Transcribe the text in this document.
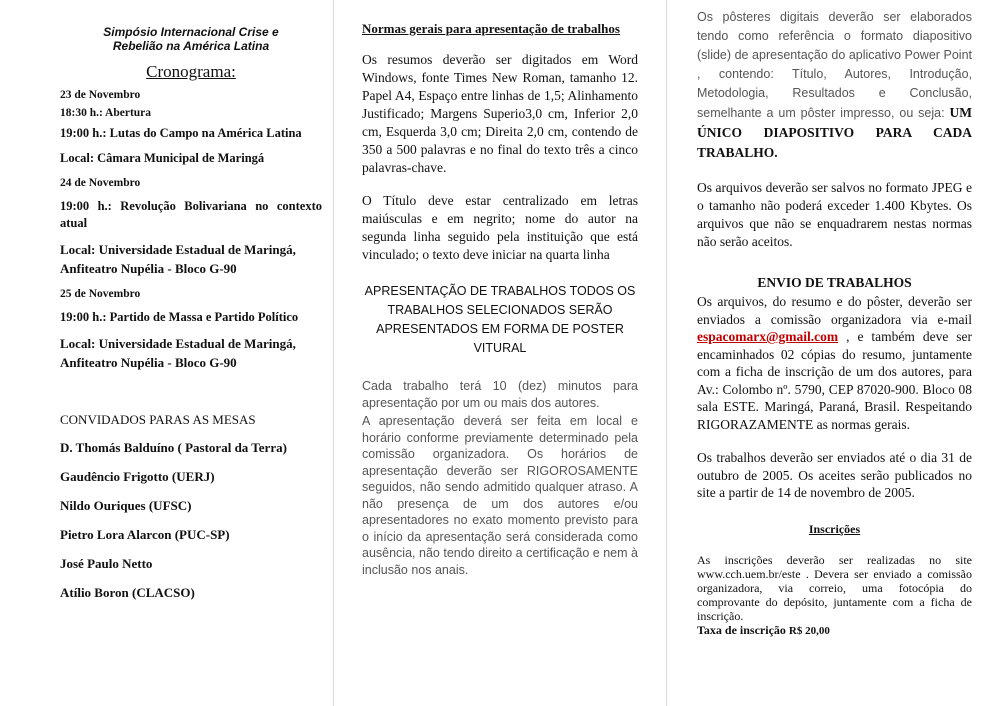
Simpósio Internacional Crise e
Rebelião na América Latina

Cronograma:

23 de Novembro

18:30 h.: Abertura

19:00 h.: Lutas do Campo na América Latina

Local: Câmara Municipal de Maringá

24 de Novembro

19:00 h.: Revolução Bolivariana no contexto atual

Local: Universidade Estadual de Maringá, Anfiteatro Nupélia - Bloco G-90

25 de Novembro

19:00 h.: Partido de Massa e Partido Político

Local: Universidade Estadual de Maringá, Anfiteatro Nupélia - Bloco G-90

CONVIDADOS PARAS AS MESAS

D. Thomás Balduíno ( Pastoral da Terra)

Gaudêncio Frigotto (UERJ)

Nildo Ouriques (UFSC)

Pietro Lora Alarcon (PUC-SP)

José Paulo Netto

Atílio Boron (CLACSO)

Normas gerais para apresentação de trabalhos

Os resumos deverão ser digitados em Word Windows, fonte Times New Roman, tamanho 12. Papel A4, Espaço entre linhas de 1,5; Alinhamento Justificado; Margens Superio3,0 cm, Inferior 2,0 cm, Esquerda 3,0 cm; Direita 2,0 cm, contendo de 350 a 500 palavras e no final do texto três a cinco palavras-chave.

O Título deve estar centralizado em letras maiúsculas e em negrito; nome do autor na segunda linha seguido pela instituição que está vinculado; o texto deve iniciar na quarta linha

APRESENTAÇÃO DE TRABALHOS TODOS OS TRABALHOS SELECIONADOS SERÃO APRESENTADOS EM FORMA DE POSTER VITURAL

Cada trabalho terá 10 (dez) minutos para apresentação por um ou mais dos autores.

A apresentação deverá ser feita em local e horário conforme previamente determinado pela comissão organizadora. Os horários de apresentação deverão ser RIGOROSAMENTE seguidos, não sendo admitido qualquer atraso. A não presença de um dos autores e/ou apresentadores no exato momento previsto para o início da apresentação será considerada como ausência, não tendo direito a certificação e nem à inclusão nos anais.

Os pôsteres digitais deverão ser elaborados tendo como referência o formato diapositivo (slide) de apresentação do aplicativo Power Point , contendo: Título, Autores, Introdução, Metodologia, Resultados e Conclusão, semelhante a um pôster impresso, ou seja: UM ÚNICO DIAPOSITIVO PARA CADA TRABALHO.

Os arquivos deverão ser salvos no formato JPEG e o tamanho não poderá exceder 1.400 Kbytes. Os arquivos que não se enquadrarem nestas normas não serão aceitos.

ENVIO DE TRABALHOS

Os arquivos, do resumo e do pôster, deverão ser enviados a comissão organizadora via e-mail espacomarx@gmail.com , e também deve ser encaminhados 02 cópias do resumo, juntamente com a ficha de inscrição de um dos autores, para Av.: Colombo nº. 5790, CEP 87020-900. Bloco 08 sala ESTE. Maringá, Paraná, Brasil. Respeitando RIGORAZAMENTE as normas gerais.

Os trabalhos deverão ser enviados até o dia 31 de outubro de 2005. Os aceites serão publicados no site a partir de 14 de novembro de 2005.

Inscrições

As inscrições deverão ser realizadas no site www.cch.uem.br/este . Devera ser enviado a comissão organizadora, via correio, uma fotocópia do comprovante do depósito, juntamente com a ficha de inscrição.

Taxa de inscrição R$ 20,00
